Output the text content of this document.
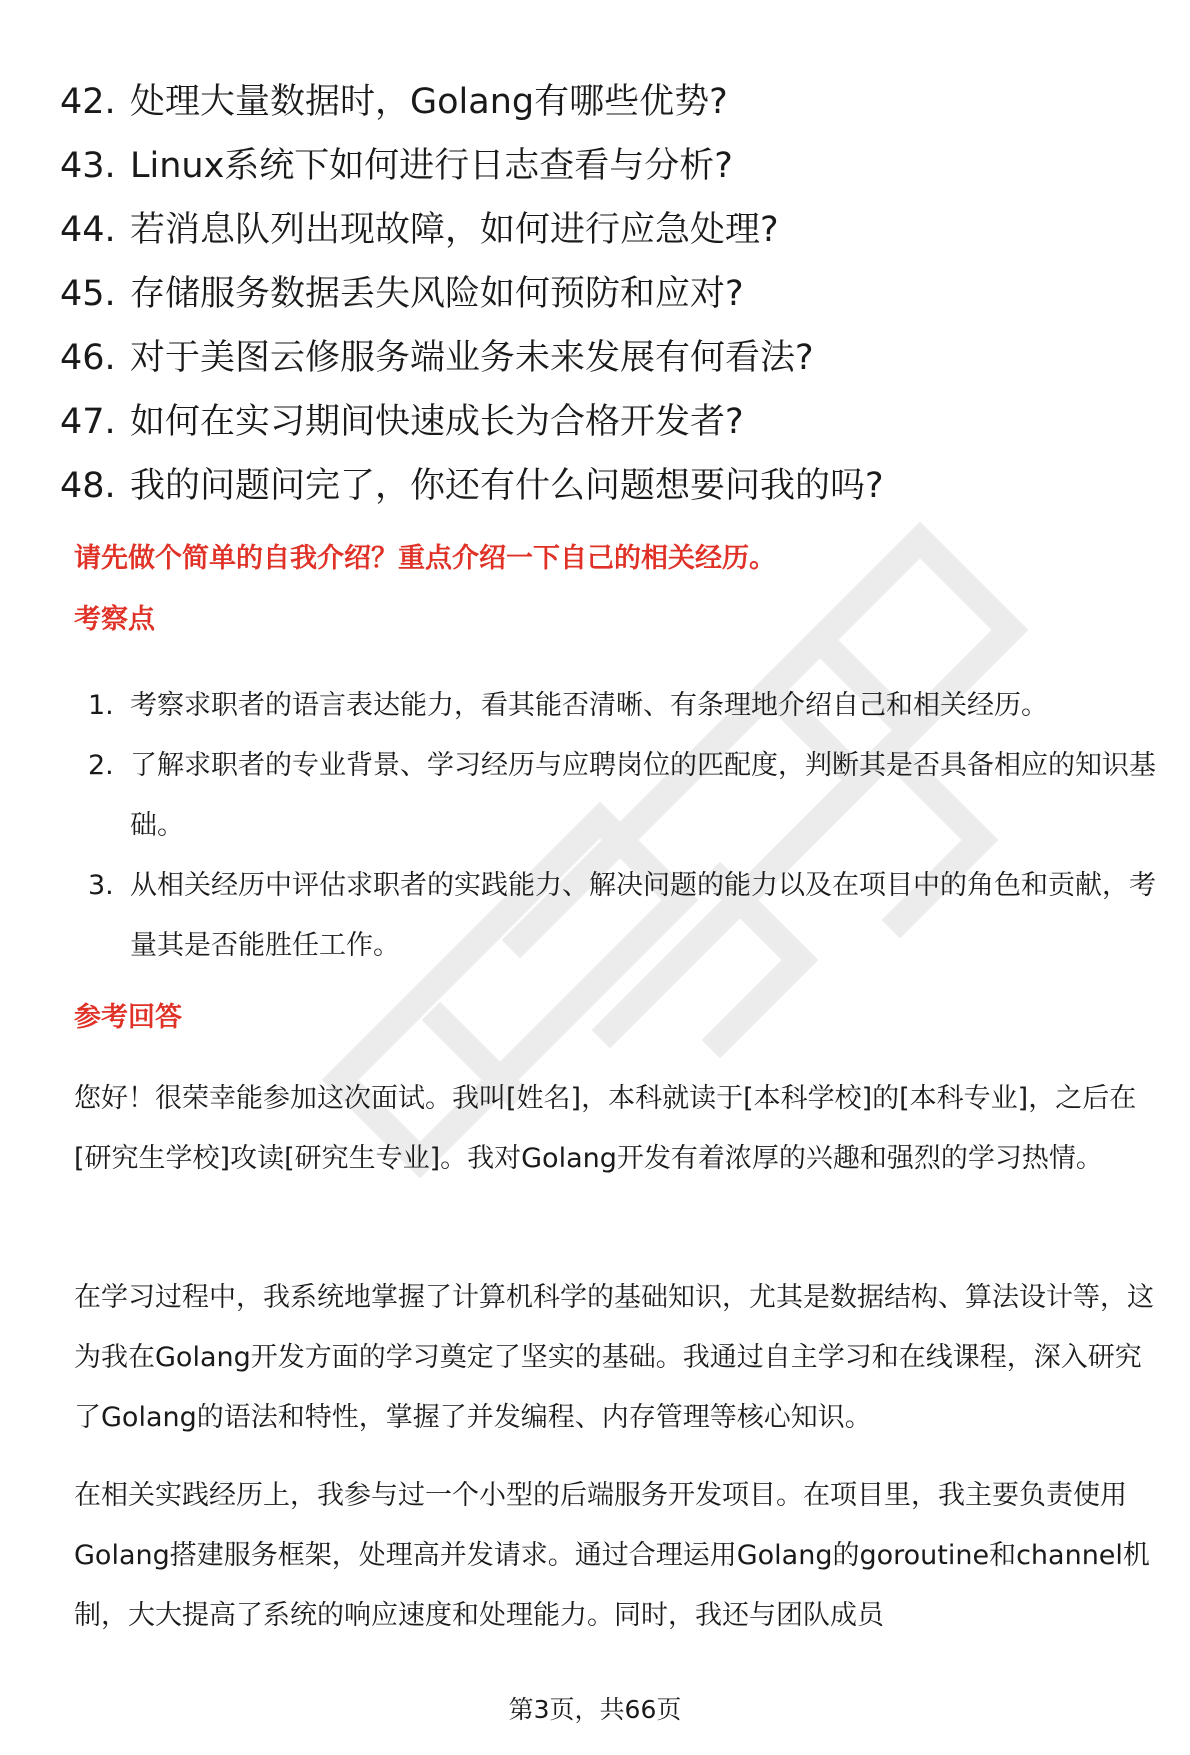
42. 处理大量数据时，Golang有哪些优势?
43. Linux系统下如何进行日志查看与分析?
44. 若消息队列出现故障，如何进行应急处理?
45. 存储服务数据丢失风险如何预防和应对?
46. 对于美图云修服务端业务未来发展有何看法?
47. 如何在实习期间快速成长为合格开发者?
48. 我的问题问完了，你还有什么问题想要问我的吗?
请先做个简单的自我介绍？重点介绍一下自己的相关经历。
考察点
1. 考察求职者的语言表达能力，看其能否清晰、有条理地介绍自己和相关经历。
2. 了解求职者的专业背景、学习经历与应聘岗位的匹配度，判断其是否具备相应的知识基础。
3. 从相关经历中评估求职者的实践能力、解决问题的能力以及在项目中的角色和贡献，考量其是否能胜任工作。
参考回答

您好！很荣幸能参加这次面试。我叫[姓名]，本科就读于[本科学校]的[本科专业]，之后在[研究生学校]攻读[研究生专业]。我对Golang开发有着浓厚的兴趣和强烈的学习热情。

在学习过程中，我系统地掌握了计算机科学的基础知识，尤其是数据结构、算法设计等，这为我在Golang开发方面的学习奠定了坚实的基础。我通过自主学习和在线课程，深入研究了Golang的语法和特性，掌握了并发编程、内存管理等核心知识。

在相关实践经历上，我参与过一个小型的后端服务开发项目。在项目里，我主要负责使用Golang搭建服务框架，处理高并发请求。通过合理运用Golang的goroutine和channel机制，大大提高了系统的响应速度和处理能力。同时，我还与团队成员

第3页，共66页
